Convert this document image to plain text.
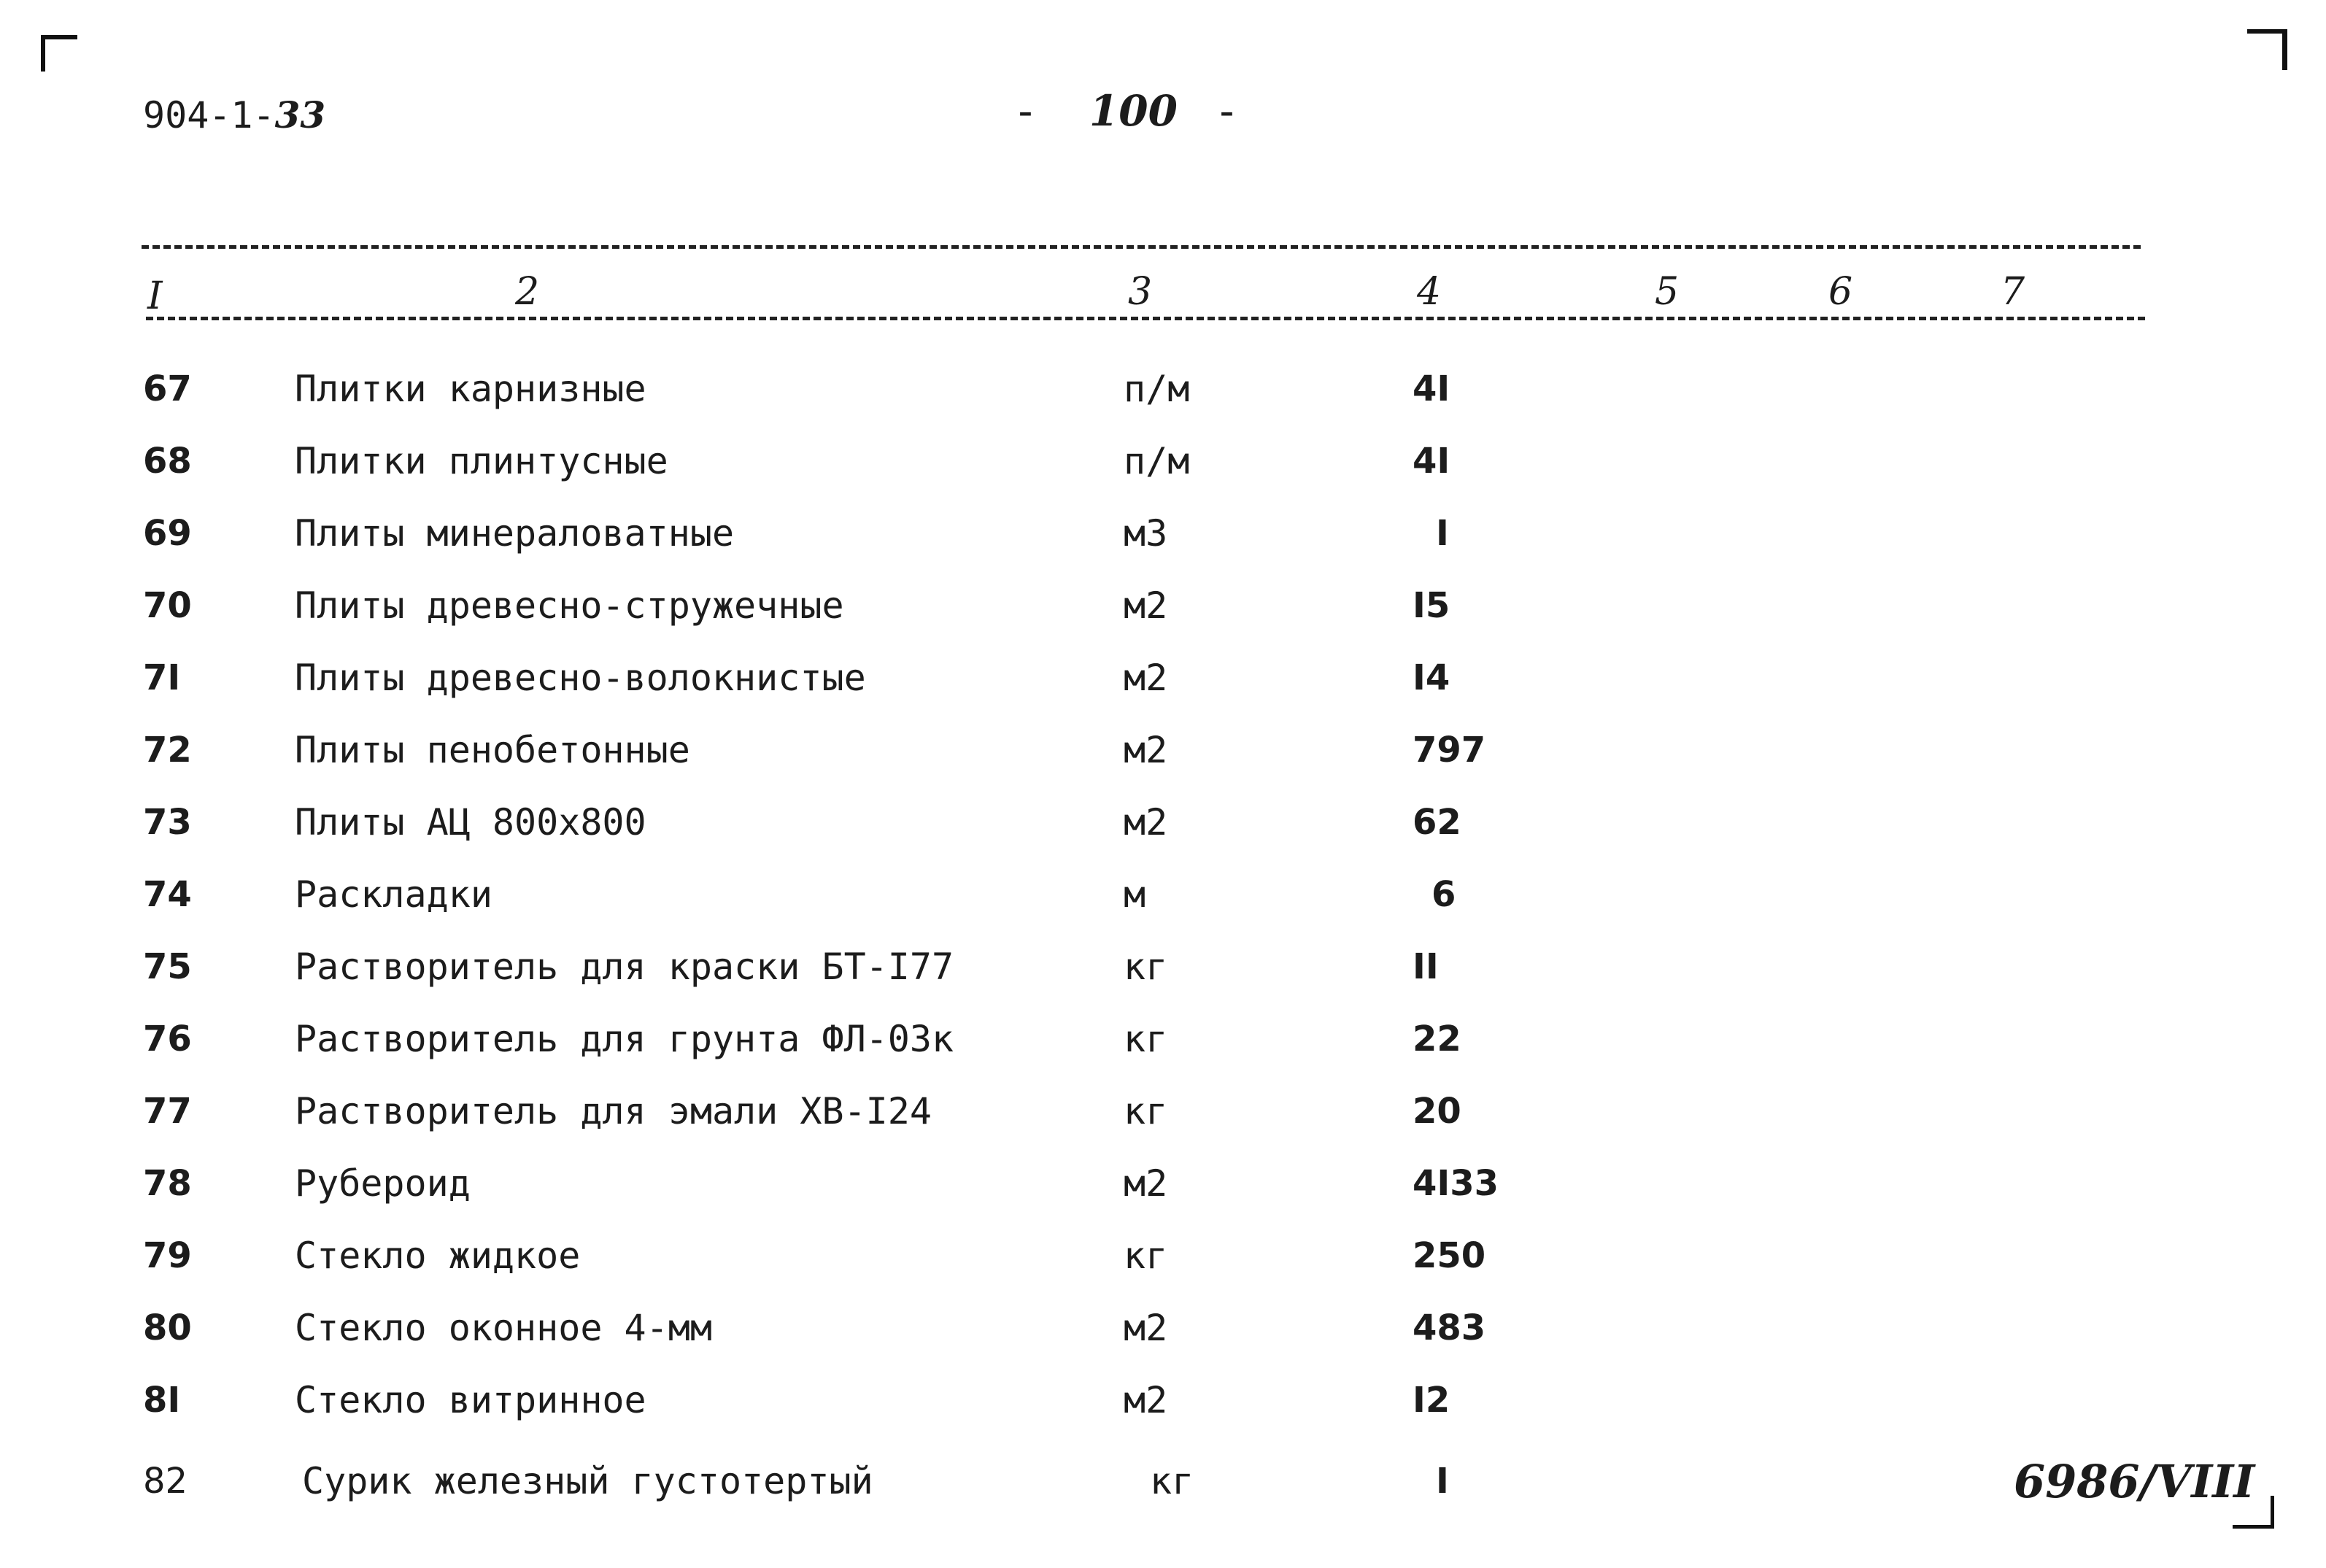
904-1-33	- 100 -
I	2	3	4	5	6	7
67	Плитки карнизные	п/м	4I
68	Плитки плинтусные	п/м	4I
69	Плиты минераловатные	м3	I
70	Плиты древесно-стружечные	м2	I5
7I	Плиты древесно-волокнистые	м2	I4
72	Плиты пенобетонные	м2	797
73	Плиты АЦ 800х800	м2	62
74	Раскладки	м	6
75	Растворитель для краски БТ-I77	кг	II
76	Растворитель для грунта ФЛ-03к	кг	22
77	Растворитель для эмали ХВ-I24	кг	20
78	Рубероид	м2	4I33
79	Стекло жидкое	кг	250
80	Стекло оконное 4-мм	м2	483
8I	Стекло витринное	м2	I2
82	Сурик железный густотертый	кг	I	6986/VIII
